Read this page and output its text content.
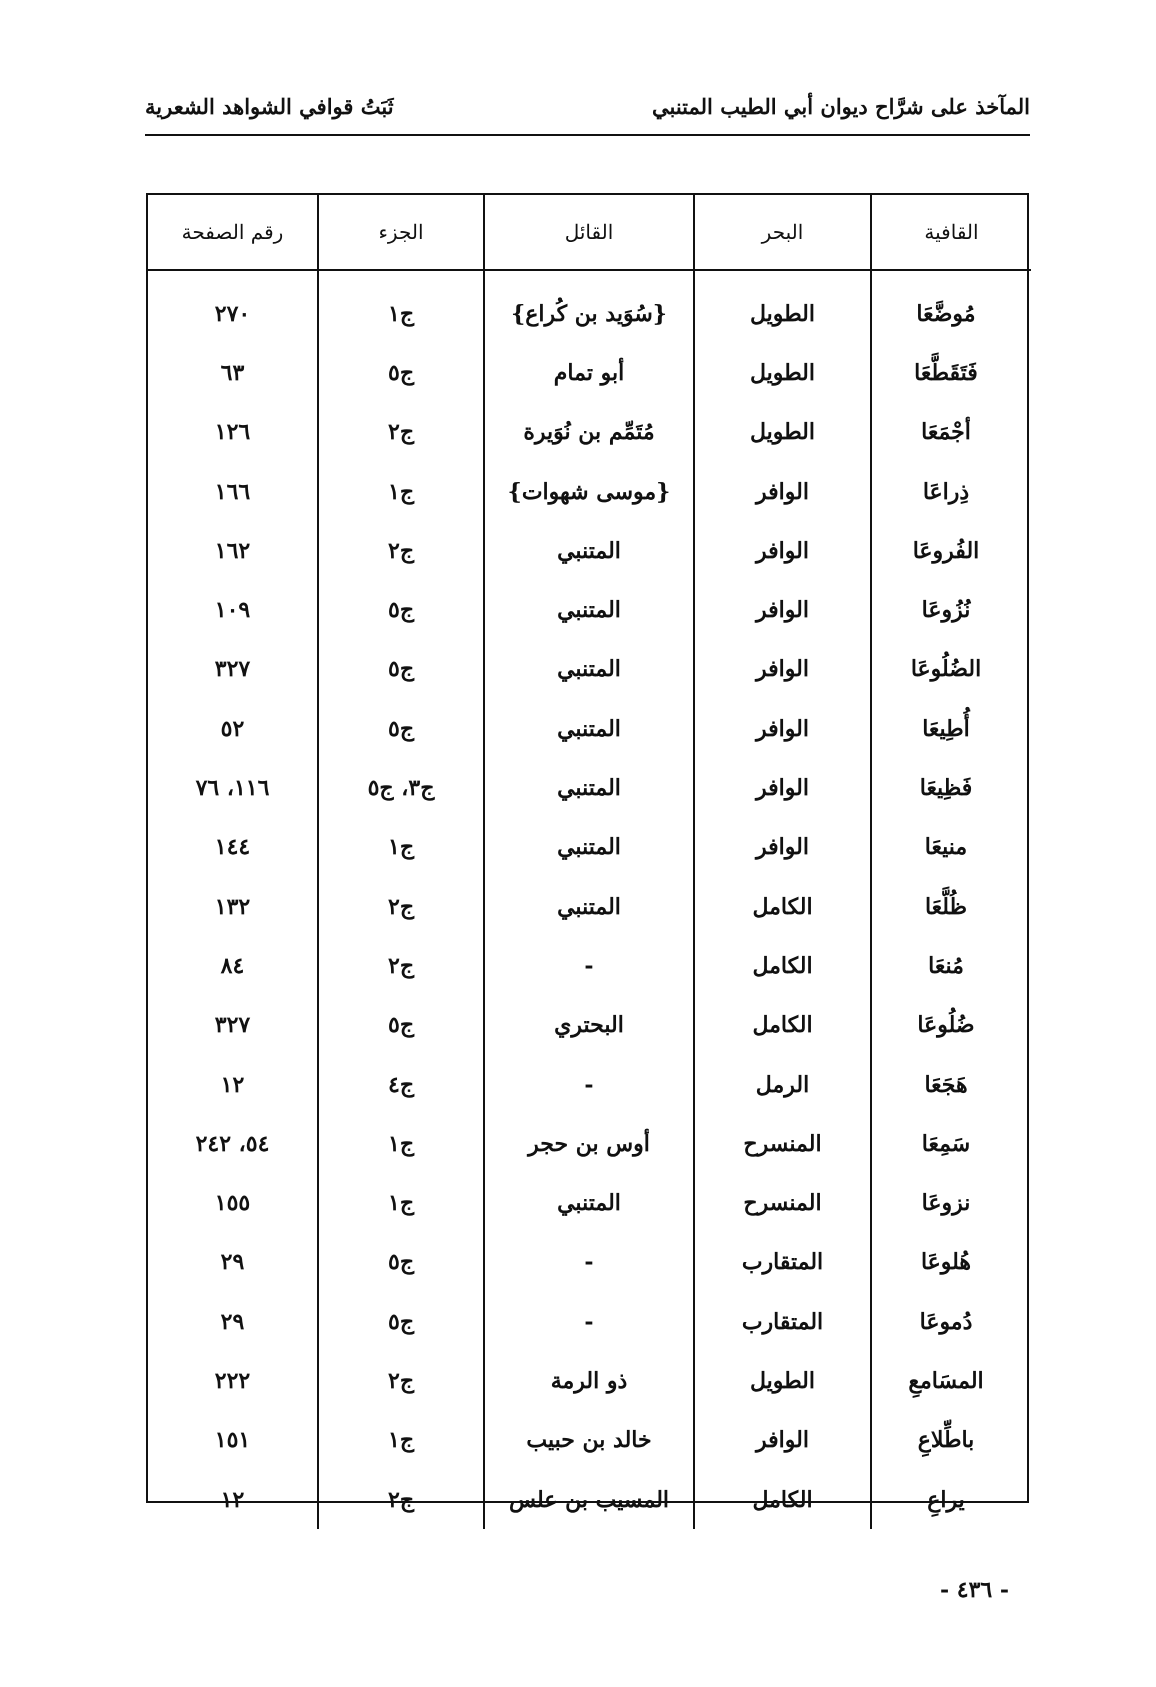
المآخذ على شرَّاح ديوان أبي الطيب المتنبي
ثَبَتُ قوافي الشواهد الشعرية
القافية	البحر	القائل	الجزء	رقم الصفحة
مُوضَّعَا	الطويل	{سُوَيد بن كُراع}	ج١	٢٧٠
فَتَقَطَّعَا	الطويل	أبو تمام	ج٥	٦٣
أجْمَعَا	الطويل	مُتَمِّم بن نُوَيرة	ج٢	١٢٦
ذِراعَا	الوافر	{موسى شهوات}	ج١	١٦٦
الفُروعَا	الوافر	المتنبي	ج٢	١٦٢
نُزُوعَا	الوافر	المتنبي	ج٥	١٠٩
الضُلُوعَا	الوافر	المتنبي	ج٥	٣٢٧
أُطِيعَا	الوافر	المتنبي	ج٥	٥٢
فَظِيعَا	الوافر	المتنبي	ج٣، ج٥	١١٦، ٧٦
منيعَا	الوافر	المتنبي	ج١	١٤٤
ظُلَّعَا	الكامل	المتنبي	ج٢	١٣٢
مُنعَا	الكامل	-	ج٢	٨٤
ضُلُوعَا	الكامل	البحتري	ج٥	٣٢٧
هَجَعَا	الرمل	-	ج٤	١٢
سَمِعَا	المنسرح	أوس بن حجر	ج١	٥٤، ٢٤٢
نزوعَا	المنسرح	المتنبي	ج١	١٥٥
هُلوعَا	المتقارب	-	ج٥	٢٩
دُموعَا	المتقارب	-	ج٥	٢٩
المسَامعِ	الطويل	ذو الرمة	ج٢	٢٢٢
باطِّلاعِ	الوافر	خالد بن حبيب	ج١	١٥١
يراعِ	الكامل	المسيب بن علس	ج٢	١٢
- ٤٣٦ -
